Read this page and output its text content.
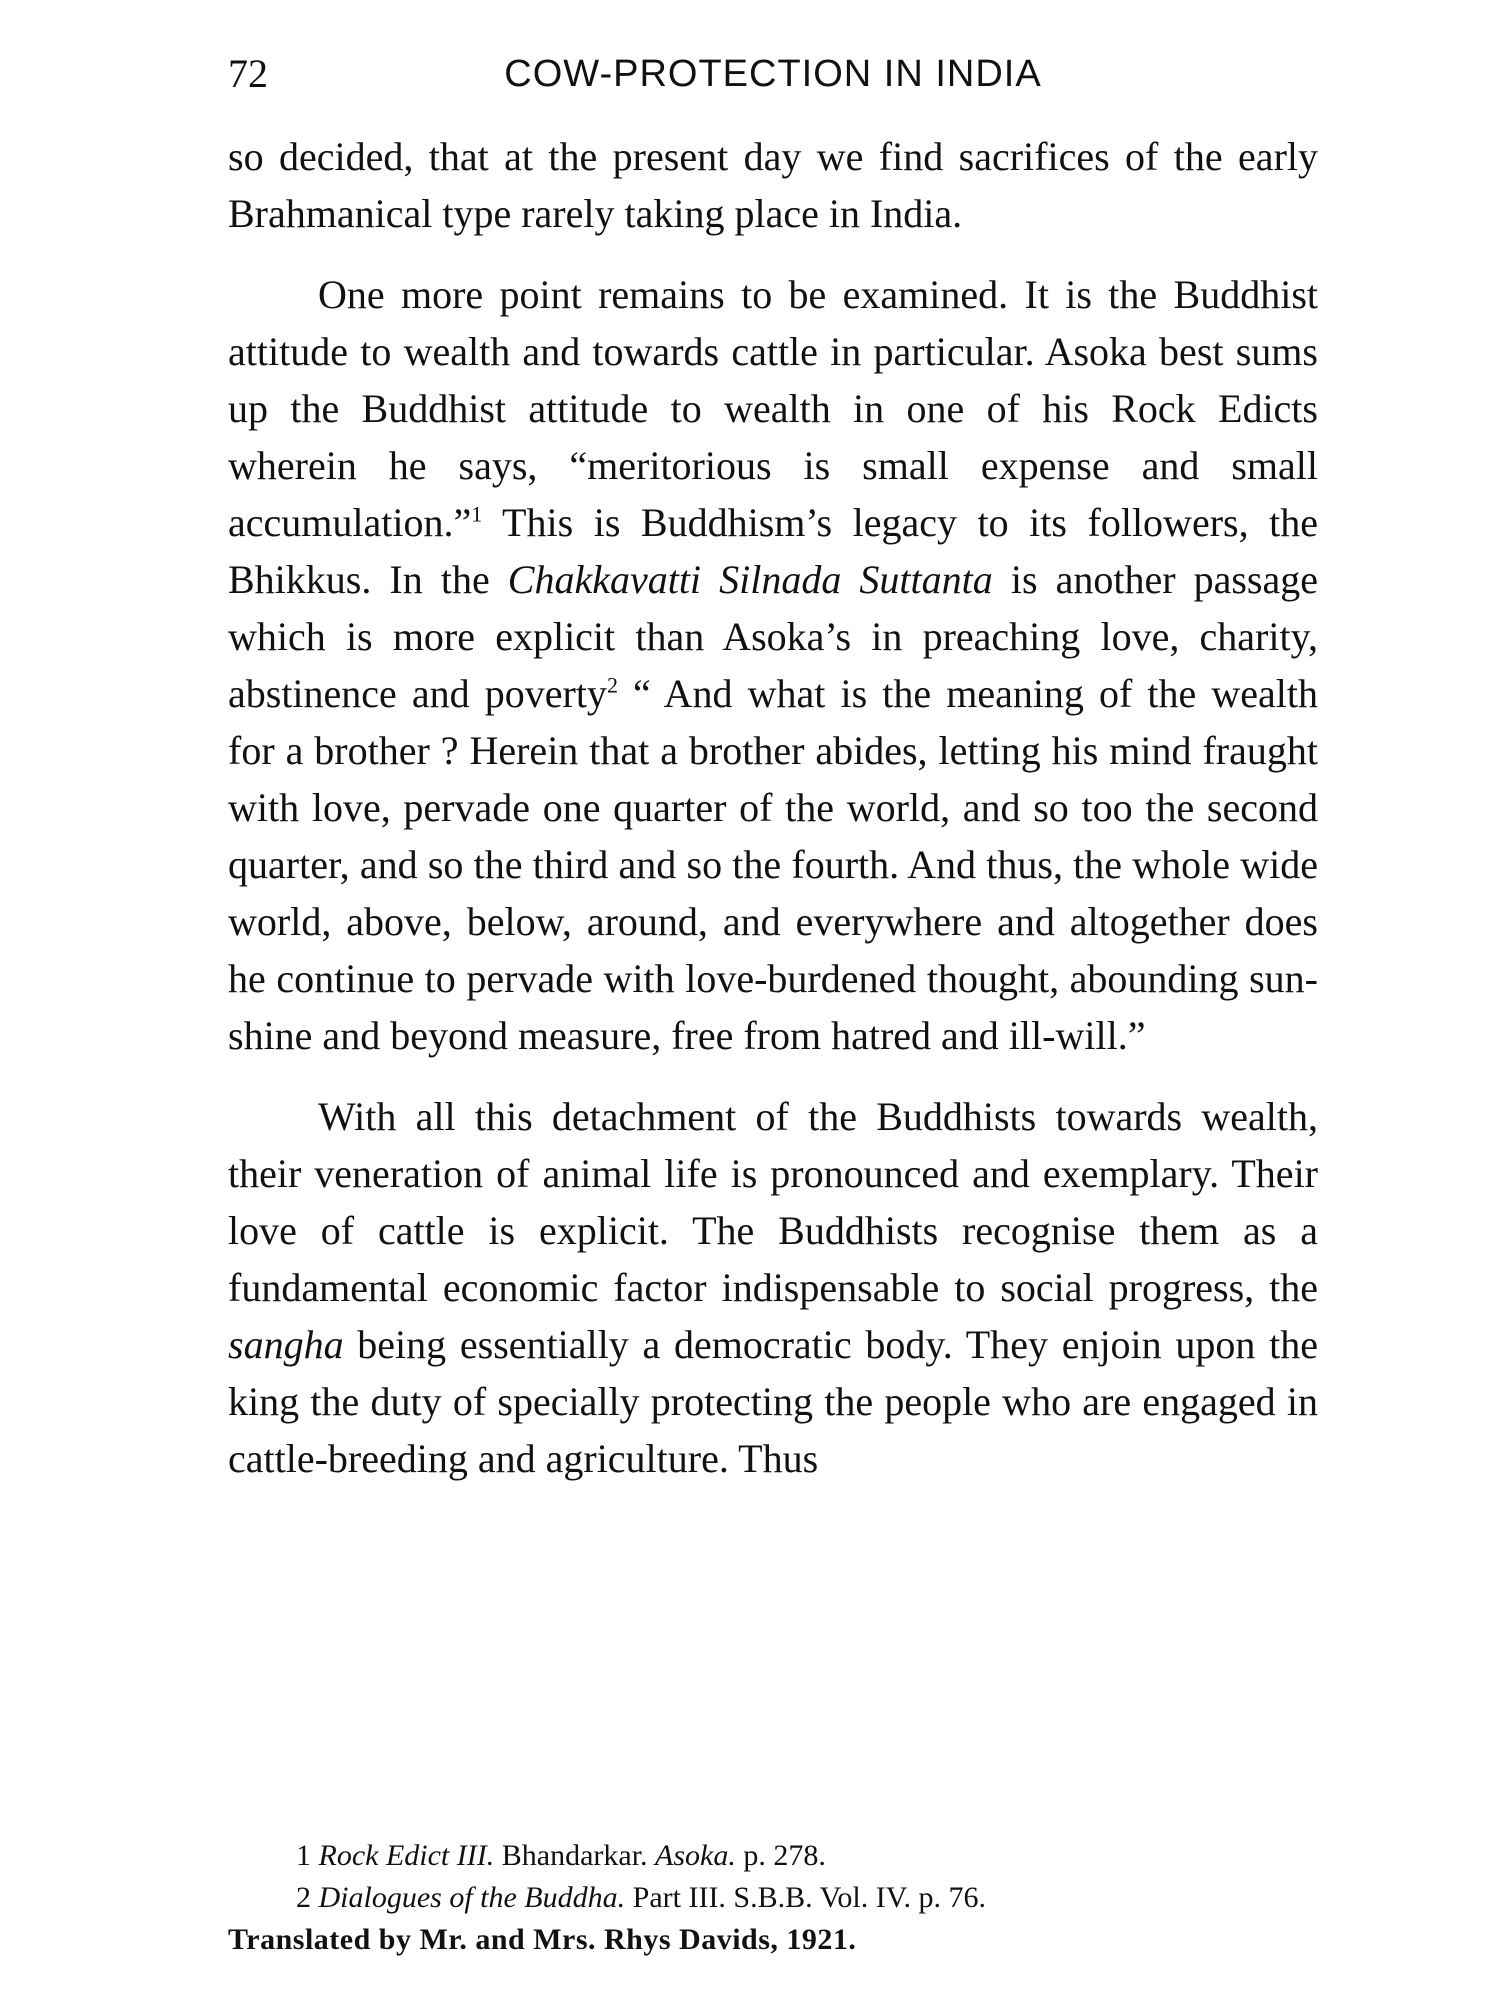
72	COW-PROTECTION IN INDIA

so decided, that at the present day we find sacrifices of the early Brahmanical type rarely taking place in India.

One more point remains to be examined. It is the Buddhist attitude to wealth and towards cattle in particular. Asoka best sums up the Buddhist attitude to wealth in one of his Rock Edicts wherein he says, “meritorious is small expense and small accumulation.”$^1$ This is Buddhism’s legacy to its followers, the Bhikkus. In the Chakkavatti Silnada Suttanta is another passage which is more explicit than Asoka’s in preaching love, charity, abstinence and poverty$^2$ “ And what is the meaning of the wealth for a brother ? Herein that a brother abides, letting his mind fraught with love, pervade one quarter of the world, and so too the second quarter, and so the third and so the fourth. And thus, the whole wide world, above, below, around, and everywhere and altogether does he continue to pervade with love-burdened thought, abounding sun-shine and beyond measure, free from hatred and ill-will.”

With all this detachment of the Buddhists towards wealth, their veneration of animal life is pronounced and exemplary. Their love of cattle is explicit. The Buddhists recognise them as a fundamental economic factor indispensable to social progress, the sangha being essentially a democratic body. They enjoin upon the king the duty of specially protecting the people who are engaged in cattle-breeding and agriculture. Thus

1 Rock Edict III. Bhandarkar. Asoka. p. 278.

2 Dialogues of the Buddha. Part III. S.B.B. Vol. IV. p. 76.

Translated by Mr. and Mrs. Rhys Davids, 1921.
